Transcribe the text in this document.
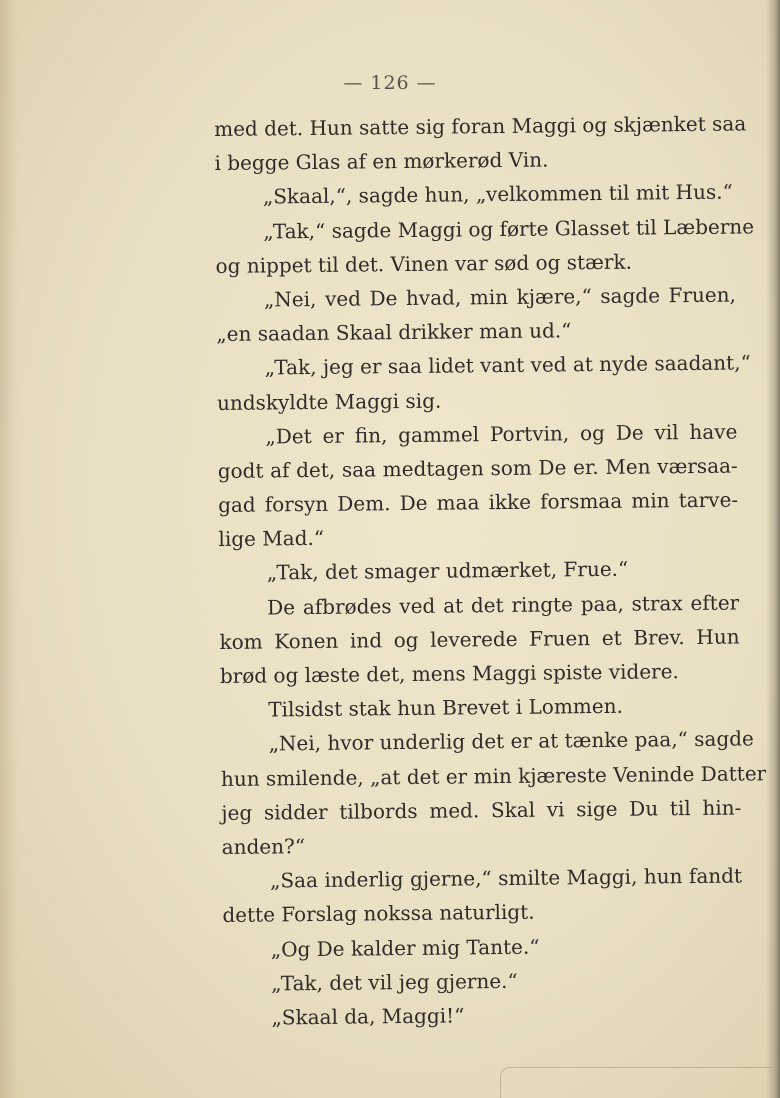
— 126 —
med det. Hun satte sig foran Maggi og skjænket saa
i begge Glas af en mørkerød Vin.
„Skaal,“, sagde hun, „velkommen til mit Hus.“
„Tak,“ sagde Maggi og førte Glasset til Læberne
og nippet til det. Vinen var sød og stærk.
„Nei, ved De hvad, min kjære,“ sagde Fruen,
„en saadan Skaal drikker man ud.“
„Tak, jeg er saa lidet vant ved at nyde saadant,“
undskyldte Maggi sig.
„Det er fin, gammel Portvin, og De vil have
godt af det, saa medtagen som De er. Men værsaa-
gad forsyn Dem. De maa ikke forsmaa min tarve-
lige Mad.“
„Tak, det smager udmærket, Frue.“
De afbrødes ved at det ringte paa, strax efter
kom Konen ind og leverede Fruen et Brev. Hun
brød og læste det, mens Maggi spiste videre.
Tilsidst stak hun Brevet i Lommen.
„Nei, hvor underlig det er at tænke paa,“ sagde
hun smilende, „at det er min kjæreste Veninde Datter
jeg sidder tilbords med. Skal vi sige Du til hin-
anden?“
„Saa inderlig gjerne,“ smilte Maggi, hun fandt
dette Forslag nokssa naturligt.
„Og De kalder mig Tante.“
„Tak, det vil jeg gjerne.“
„Skaal da, Maggi!“
